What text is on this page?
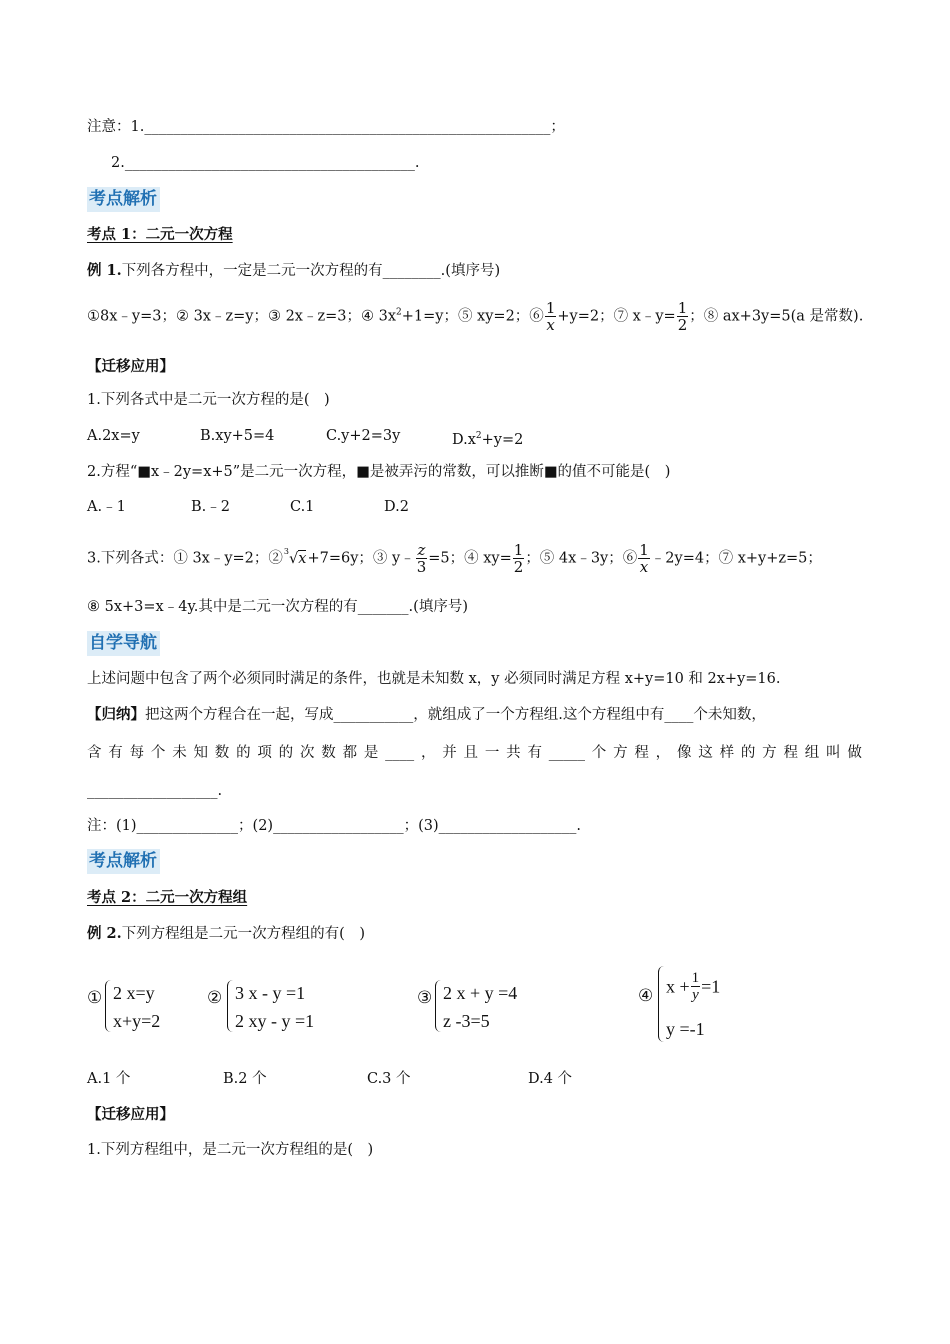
注意：1.________________________________________________________；
2.________________________________________.
考点解析
考点 1：二元一次方程
例 1.下列各方程中，一定是二元一次方程的有________.(填序号)
①8x﹣y=3；② 3x﹣z=y；③ 2x﹣z=3；④ $3x^2+1=y$；⑤ xy=2；⑥ $\frac{1}{x} +y=2$；⑦ x﹣y= $\frac{1}{2}$ ；⑧ ax+3y=5(a 是常数).
【迁移应用】
1.下列各式中是二元一次方程的是(　)
A.2x=y	B.xy+5=4	C.y+2=3y	$D.x^2+y=2$
2.方程“■x﹣2y=x+5”是二元一次方程，■是被弄污的常数，可以推断■的值不可能是(　)
A.﹣1	B.﹣2	C.1	D.2
3.下列各式：① 3x﹣y=2；②$^3$√x+7=6y；③ y﹣ $\frac{z}{3} =5$；④ $xy= \frac{1}{2}$ ；⑤ 4x﹣3y；⑥ $\frac{1}{x}$ ﹣2y=4；⑦ x+y+z=5；
⑧ 5x+3=x﹣4y.其中是二元一次方程的有_______.(填序号)
自学导航
上述问题中包含了两个必须同时满足的条件，也就是未知数 x，y 必须同时满足方程 x+y=10 和 2x+y=16.
【归纳】把这两个方程合在一起，写成___________，就组成了一个方程组.这个方程组中有____个未知数，
含 有 每 个 未 知 数 的 项 的 次 数 都 是 ____ ， 并 且 一 共 有 _____ 个 方 程 ， 像 这 样 的 方 程 组 叫 做
__________________.
注：(1)______________；(2)__________________；(3)___________________.
考点解析
考点 2：二元一次方程组
例 2.下列方程组是二元一次方程组的有(　)
① 2 x=y
x+y=2
② 3 x - y =1
2 xy - y =1
③ 2 x + y =4
z -3=5
④ $x + \frac{1}{y} =1$
y =-1
A.1 个	B.2 个	C.3 个	D.4 个
【迁移应用】
1.下列方程组中，是二元一次方程组的是(　)
